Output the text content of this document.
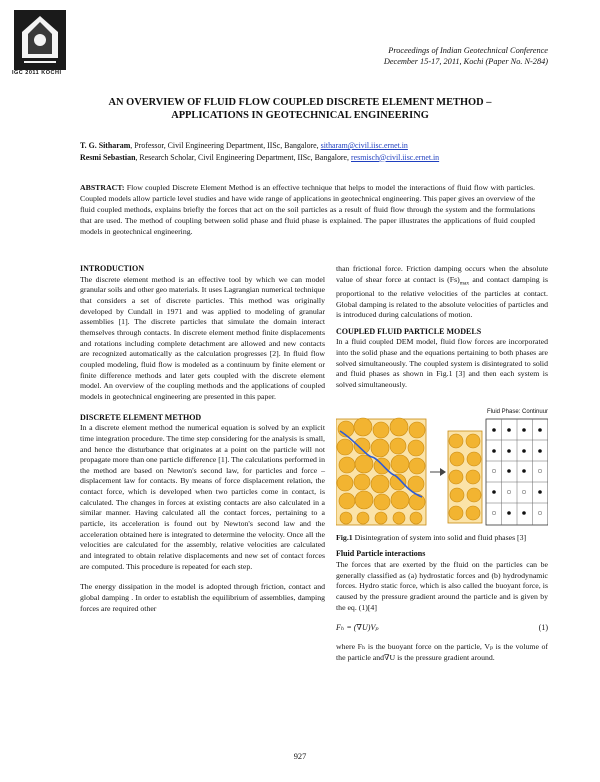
IGC 2011 KOCHI
Proceedings of Indian Geotechnical Conference
December 15-17, 2011, Kochi (Paper No. N-284)
AN OVERVIEW OF FLUID FLOW COUPLED DISCRETE ELEMENT METHOD –
APPLICATIONS IN GEOTECHNICAL ENGINEERING
T. G. Sitharam, Professor, Civil Engineering Department, IISc, Bangalore, sitharam@civil.iisc.ernet.in
Resmi Sebastian, Research Scholar, Civil Engineering Department, IISc, Bangalore, resmisch@civil.iisc.ernet.in
ABSTRACT: Flow coupled Discrete Element Method is an effective technique that helps to model the interactions of fluid flow with particles. Coupled models allow particle level studies and have wide range of applications in geotechnical engineering. This paper gives an overview of the fluid coupled methods, explains briefly the forces that act on the soil particles as a result of fluid flow through the system and the formulations that are used. The method of coupling between solid phase and fluid phase is explained. The paper illustrates the applications of fluid coupled models in geotechnical engineering.
INTRODUCTION
The discrete element method is an effective tool by which we can model granular soils and other geo materials. It uses Lagrangian numerical technique that considers a set of discrete particles. This method was originally developed by Cundall in 1971 and was applied to modeling of granular assemblies [1]. The discrete particles that simulate the domain interact themselves through contacts. In discrete element method finite displacements and rotations including complete detachment are allowed and new contacts are recognized automatically as the calculation progresses [2]. In fluid flow coupled modeling, fluid flow is modeled as a continuum by finite element or finite difference methods and later gets coupled with the discrete element model. An overview of the coupling methods and the applications of coupled models in geotechnical engineering are presented in this paper.
DISCRETE ELEMENT METHOD
In a discrete element method the numerical equation is solved by an explicit time integration procedure. The time step considering for the analysis is small, and hence the disturbance that originates at a point on the particle will not propagate more than one particle difference [1]. The calculations performed in the method are based on Newton's second law, for particles and force – displacement law for contacts. By means of force displacement relation, the contact force, which is developed when two particles come in contact, is calculated. The changes in forces at existing contacts are also calculated in a similar manner. Having calculated all the contact forces, pertaining to a particle, its acceleration is found out by Newton's second law and the acceleration obtained here is integrated to determine the velocity. Once all the velocities are calculated for the assembly, relative velocities are calculated and integrated to obtain relative displacements and new set of contact forces are computed. This procedure is repeated for each step.
The energy dissipation in the model is adopted through friction, contact and global damping . In order to establish the equilibrium of assemblies, damping forces are required other
than frictional force. Friction damping occurs when the absolute value of shear force at contact is $(Fs)_{max}$ and contact damping is proportional to the relative velocities of the particles at contact. Global damping is related to the absolute velocities of particles and is introduced during calculations of motion.
COUPLED FLUID PARTICLE MODELS
In a fluid coupled DEM model, fluid flow forces are incorporated into the solid phase and the equations pertaining to both phases are solved simultaneously. The coupled system is disintegrated to solid and fluid phases as shown in Fig.1 [3] and then each system is solved simultaneously.
Fluid Phase: Continuum
Fig.1 Disintegration of system into solid and fluid phases [3]
Fluid Particle interactions
The forces that are exerted by the fluid on the particles can be generally classified as (a) hydrostatic forces and (b) hydrodynamic forces. Hydro static force, which is also called the buoyant force, is caused by the pressure gradient around the particle and is given by the eq. (1)[4]
Fₕ = (∇U)Vₚ	(1)
where Fₕ is the buoyant force on the particle, Vₚ is the volume of the particle and∇U is the pressure gradient around.
927
